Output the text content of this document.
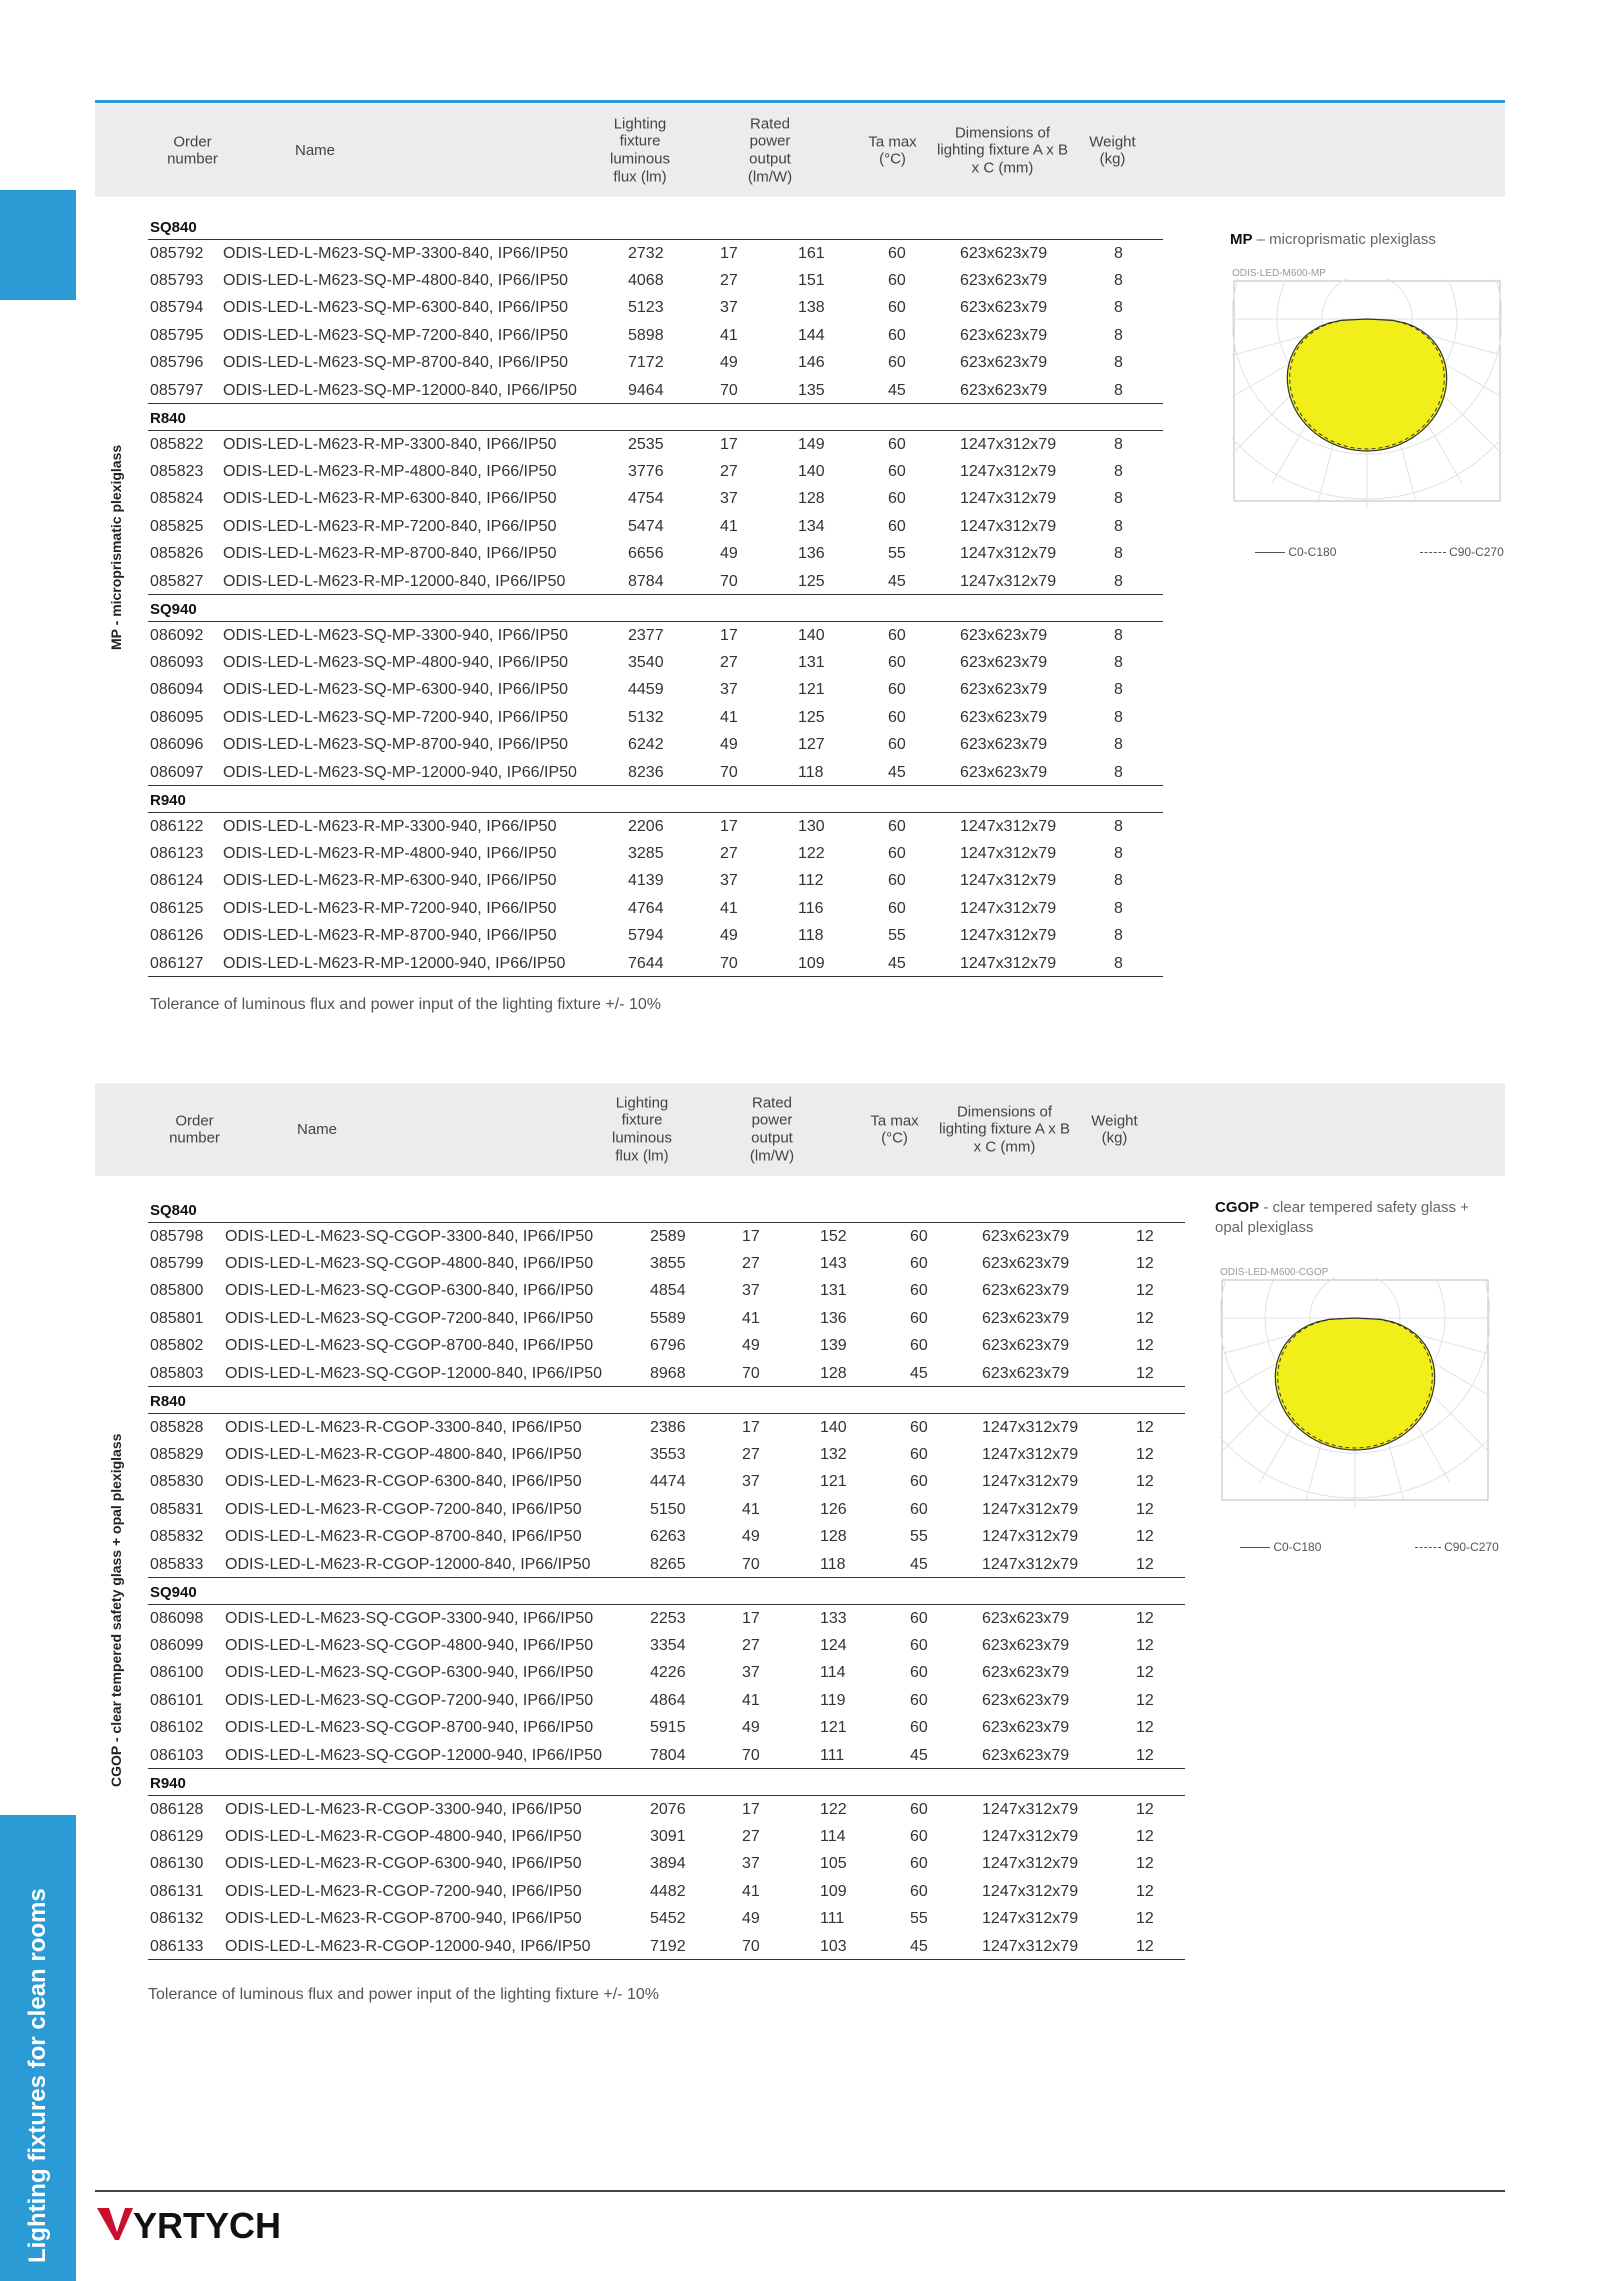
Lighting fixtures for clean rooms
Order number
Name
Lighting fixture luminous flux (lm)
Rated power output (lm/W)
Ta max (°C)
Dimensions of lighting fixture A x B x C (mm)
Weight (kg)
Order number
Name
Lighting fixture luminous flux (lm)
Rated power output (lm/W)
Ta max (°C)
Dimensions of lighting fixture A x B x C (mm)
Weight (kg)
MP - microprismatic plexiglass
CGOP - clear tempered safety glass + opal plexiglass
SQ840
085792 ODIS-LED-L-M623-SQ-MP-3300-840, IP66/IP50	2732	17	161	60	623x623x79	8
085793 ODIS-LED-L-M623-SQ-MP-4800-840, IP66/IP50	4068	27	151	60	623x623x79	8
085794 ODIS-LED-L-M623-SQ-MP-6300-840, IP66/IP50	5123	37	138	60	623x623x79	8
085795 ODIS-LED-L-M623-SQ-MP-7200-840, IP66/IP50	5898	41	144	60	623x623x79	8
085796 ODIS-LED-L-M623-SQ-MP-8700-840, IP66/IP50	7172	49	146	60	623x623x79	8
085797 ODIS-LED-L-M623-SQ-MP-12000-840, IP66/IP50	9464	70	135	45	623x623x79	8
R840
085822 ODIS-LED-L-M623-R-MP-3300-840, IP66/IP50	2535	17	149	60	1247x312x79	8
085823 ODIS-LED-L-M623-R-MP-4800-840, IP66/IP50	3776	27	140	60	1247x312x79	8
085824 ODIS-LED-L-M623-R-MP-6300-840, IP66/IP50	4754	37	128	60	1247x312x79	8
085825 ODIS-LED-L-M623-R-MP-7200-840, IP66/IP50	5474	41	134	60	1247x312x79	8
085826 ODIS-LED-L-M623-R-MP-8700-840, IP66/IP50	6656	49	136	55	1247x312x79	8
085827 ODIS-LED-L-M623-R-MP-12000-840, IP66/IP50	8784	70	125	45	1247x312x79	8
SQ940
086092 ODIS-LED-L-M623-SQ-MP-3300-940, IP66/IP50	2377	17	140	60	623x623x79	8
086093 ODIS-LED-L-M623-SQ-MP-4800-940, IP66/IP50	3540	27	131	60	623x623x79	8
086094 ODIS-LED-L-M623-SQ-MP-6300-940, IP66/IP50	4459	37	121	60	623x623x79	8
086095 ODIS-LED-L-M623-SQ-MP-7200-940, IP66/IP50	5132	41	125	60	623x623x79	8
086096 ODIS-LED-L-M623-SQ-MP-8700-940, IP66/IP50	6242	49	127	60	623x623x79	8
086097 ODIS-LED-L-M623-SQ-MP-12000-940, IP66/IP50	8236	70	118	45	623x623x79	8
R940
086122 ODIS-LED-L-M623-R-MP-3300-940, IP66/IP50	2206	17	130	60	1247x312x79	8
086123 ODIS-LED-L-M623-R-MP-4800-940, IP66/IP50	3285	27	122	60	1247x312x79	8
086124 ODIS-LED-L-M623-R-MP-6300-940, IP66/IP50	4139	37	112	60	1247x312x79	8
086125 ODIS-LED-L-M623-R-MP-7200-940, IP66/IP50	4764	41	116	60	1247x312x79	8
086126 ODIS-LED-L-M623-R-MP-8700-940, IP66/IP50	5794	49	118	55	1247x312x79	8
086127 ODIS-LED-L-M623-R-MP-12000-940, IP66/IP50	7644	70	109	45	1247x312x79	8
Tolerance of luminous flux and power input of the lighting fixture +/- 10%
SQ840
085798 ODIS-LED-L-M623-SQ-CGOP-3300-840, IP66/IP50	2589	17	152	60	623x623x79	12
085799 ODIS-LED-L-M623-SQ-CGOP-4800-840, IP66/IP50	3855	27	143	60	623x623x79	12
085800 ODIS-LED-L-M623-SQ-CGOP-6300-840, IP66/IP50	4854	37	131	60	623x623x79	12
085801 ODIS-LED-L-M623-SQ-CGOP-7200-840, IP66/IP50	5589	41	136	60	623x623x79	12
085802 ODIS-LED-L-M623-SQ-CGOP-8700-840, IP66/IP50	6796	49	139	60	623x623x79	12
085803 ODIS-LED-L-M623-SQ-CGOP-12000-840, IP66/IP50	8968	70	128	45	623x623x79	12
R840
085828 ODIS-LED-L-M623-R-CGOP-3300-840, IP66/IP50	2386	17	140	60	1247x312x79	12
085829 ODIS-LED-L-M623-R-CGOP-4800-840, IP66/IP50	3553	27	132	60	1247x312x79	12
085830 ODIS-LED-L-M623-R-CGOP-6300-840, IP66/IP50	4474	37	121	60	1247x312x79	12
085831 ODIS-LED-L-M623-R-CGOP-7200-840, IP66/IP50	5150	41	126	60	1247x312x79	12
085832 ODIS-LED-L-M623-R-CGOP-8700-840, IP66/IP50	6263	49	128	55	1247x312x79	12
085833 ODIS-LED-L-M623-R-CGOP-12000-840, IP66/IP50	8265	70	118	45	1247x312x79	12
SQ940
086098 ODIS-LED-L-M623-SQ-CGOP-3300-940, IP66/IP50	2253	17	133	60	623x623x79	12
086099 ODIS-LED-L-M623-SQ-CGOP-4800-940, IP66/IP50	3354	27	124	60	623x623x79	12
086100 ODIS-LED-L-M623-SQ-CGOP-6300-940, IP66/IP50	4226	37	114	60	623x623x79	12
086101 ODIS-LED-L-M623-SQ-CGOP-7200-940, IP66/IP50	4864	41	119	60	623x623x79	12
086102 ODIS-LED-L-M623-SQ-CGOP-8700-940, IP66/IP50	5915	49	121	60	623x623x79	12
086103 ODIS-LED-L-M623-SQ-CGOP-12000-940, IP66/IP50	7804	70	111	45	623x623x79	12
R940
086128 ODIS-LED-L-M623-R-CGOP-3300-940, IP66/IP50	2076	17	122	60	1247x312x79	12
086129 ODIS-LED-L-M623-R-CGOP-4800-940, IP66/IP50	3091	27	114	60	1247x312x79	12
086130 ODIS-LED-L-M623-R-CGOP-6300-940, IP66/IP50	3894	37	105	60	1247x312x79	12
086131 ODIS-LED-L-M623-R-CGOP-7200-940, IP66/IP50	4482	41	109	60	1247x312x79	12
086132 ODIS-LED-L-M623-R-CGOP-8700-940, IP66/IP50	5452	49	111	55	1247x312x79	12
086133 ODIS-LED-L-M623-R-CGOP-12000-940, IP66/IP50	7192	70	103	45	1247x312x79	12
Tolerance of luminous flux and power input of the lighting fixture +/- 10%
MP – microprismatic plexiglass
ODIS-LED-M600-MP
C0-C180	C90-C270
CGOP - clear tempered safety glass + opal plexiglass
ODIS-LED-M600-CGOP
C0-C180	C90-C270
YRTYCH
